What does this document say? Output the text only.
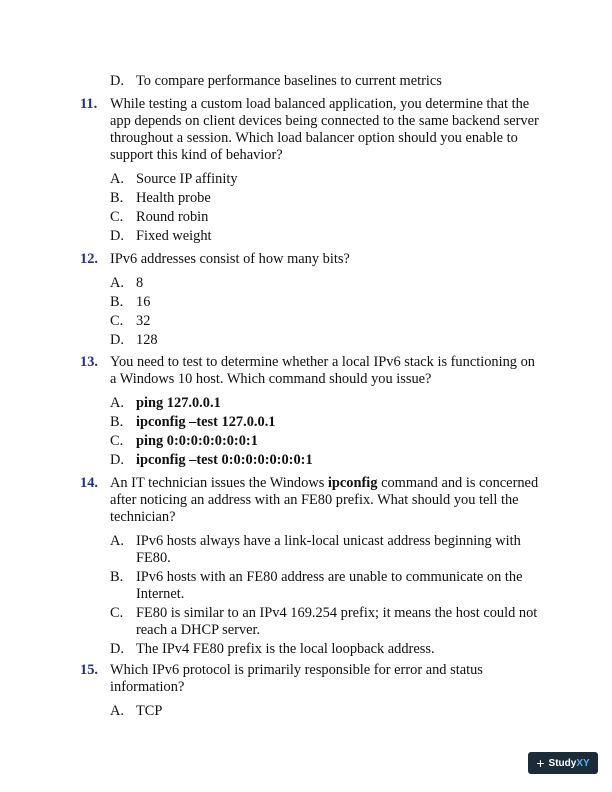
D. To compare performance baselines to current metrics
11. While testing a custom load balanced application, you determine that the app depends on client devices being connected to the same backend server throughout a session. Which load balancer option should you enable to support this kind of behavior?
A. Source IP affinity
B. Health probe
C. Round robin
D. Fixed weight
12. IPv6 addresses consist of how many bits?
A. 8
B. 16
C. 32
D. 128
13. You need to test to determine whether a local IPv6 stack is functioning on a Windows 10 host. Which command should you issue?
A. ping 127.0.0.1
B. ipconfig –test 127.0.0.1
C. ping 0:0:0:0:0:0:0:1
D. ipconfig –test 0:0:0:0:0:0:0:1
14. An IT technician issues the Windows ipconfig command and is concerned after noticing an address with an FE80 prefix. What should you tell the technician?
A. IPv6 hosts always have a link-local unicast address beginning with FE80.
B. IPv6 hosts with an FE80 address are unable to communicate on the Internet.
C. FE80 is similar to an IPv4 169.254 prefix; it means the host could not reach a DHCP server.
D. The IPv4 FE80 prefix is the local loopback address.
15. Which IPv6 protocol is primarily responsible for error and status information?
A. TCP
+ Study XY
